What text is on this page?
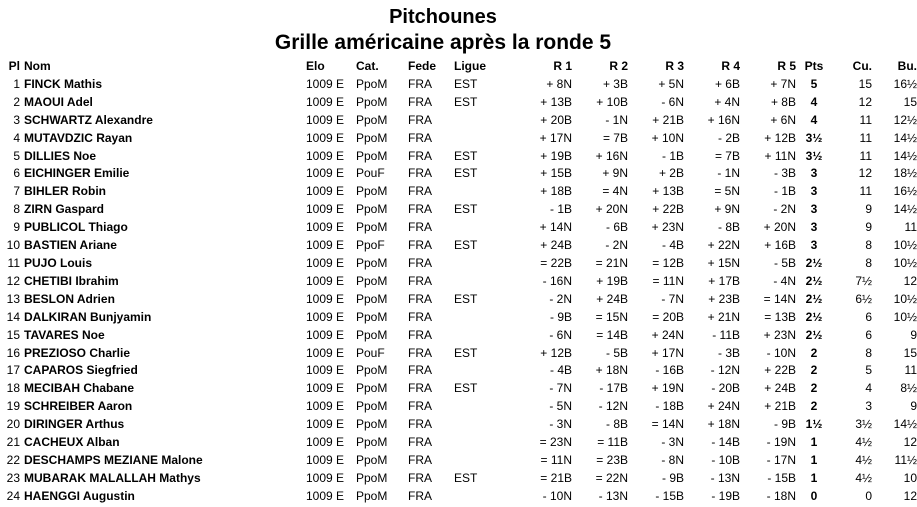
Pitchounes
Grille américaine après la ronde 5
Pl	Nom	Elo	Cat.	Fede	Ligue	R 1	R 2	R 3	R 4	R 5	Pts	Cu.	Bu.
1	FINCK Mathis	1009 E	PpoM	FRA	EST	+ 8N	+ 3B	+ 5N	+ 6B	+ 7N	5	15	16½
2	MAOUI Adel	1009 E	PpoM	FRA	EST	+ 13B	+ 10B	- 6N	+ 4N	+ 8B	4	12	15
3	SCHWARTZ Alexandre	1009 E	PpoM	FRA		+ 20B	- 1N	+ 21B	+ 16N	+ 6N	4	11	12½
4	MUTAVDZIC Rayan	1009 E	PpoM	FRA		+ 17N	= 7B	+ 10N	- 2B	+ 12B	3½	11	14½
5	DILLIES Noe	1009 E	PpoM	FRA	EST	+ 19B	+ 16N	- 1B	= 7B	+ 11N	3½	11	14½
6	EICHINGER Emilie	1009 E	PouF	FRA	EST	+ 15B	+ 9N	+ 2B	- 1N	- 3B	3	12	18½
7	BIHLER Robin	1009 E	PpoM	FRA		+ 18B	= 4N	+ 13B	= 5N	- 1B	3	11	16½
8	ZIRN Gaspard	1009 E	PpoM	FRA	EST	- 1B	+ 20N	+ 22B	+ 9N	- 2N	3	9	14½
9	PUBLICOL Thiago	1009 E	PpoM	FRA		+ 14N	- 6B	+ 23N	- 8B	+ 20N	3	9	11
10	BASTIEN Ariane	1009 E	PpoF	FRA	EST	+ 24B	- 2N	- 4B	+ 22N	+ 16B	3	8	10½
11	PUJO Louis	1009 E	PpoM	FRA		= 22B	= 21N	= 12B	+ 15N	- 5B	2½	8	10½
12	CHETIBI Ibrahim	1009 E	PpoM	FRA		- 16N	+ 19B	= 11N	+ 17B	- 4N	2½	7½	12
13	BESLON Adrien	1009 E	PpoM	FRA	EST	- 2N	+ 24B	- 7N	+ 23B	= 14N	2½	6½	10½
14	DALKIRAN Bunjyamin	1009 E	PpoM	FRA		- 9B	= 15N	= 20B	+ 21N	= 13B	2½	6	10½
15	TAVARES Noe	1009 E	PpoM	FRA		- 6N	= 14B	+ 24N	- 11B	+ 23N	2½	6	9
16	PREZIOSO Charlie	1009 E	PouF	FRA	EST	+ 12B	- 5B	+ 17N	- 3B	- 10N	2	8	15
17	CAPAROS Siegfried	1009 E	PpoM	FRA		- 4B	+ 18N	- 16B	- 12N	+ 22B	2	5	11
18	MECIBAH Chabane	1009 E	PpoM	FRA	EST	- 7N	- 17B	+ 19N	- 20B	+ 24B	2	4	8½
19	SCHREIBER Aaron	1009 E	PpoM	FRA		- 5N	- 12N	- 18B	+ 24N	+ 21B	2	3	9
20	DIRINGER Arthus	1009 E	PpoM	FRA		- 3N	- 8B	= 14N	+ 18N	- 9B	1½	3½	14½
21	CACHEUX Alban	1009 E	PpoM	FRA		= 23N	= 11B	- 3N	- 14B	- 19N	1	4½	12
22	DESCHAMPS MEZIANE Malone	1009 E	PpoM	FRA		= 11N	= 23B	- 8N	- 10B	- 17N	1	4½	11½
23	MUBARAK MALALLAH Mathys	1009 E	PpoM	FRA	EST	= 21B	= 22N	- 9B	- 13N	- 15B	1	4½	10
24	HAENGGI Augustin	1009 E	PpoM	FRA		- 10N	- 13N	- 15B	- 19B	- 18N	0	0	12
